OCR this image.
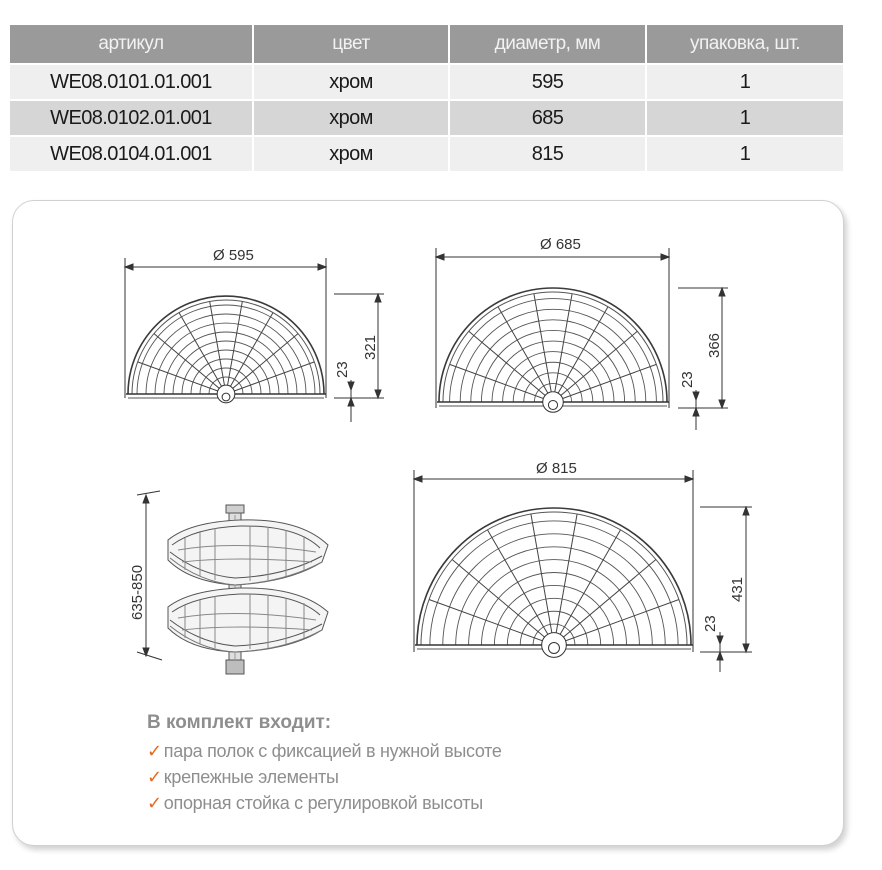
артикул	цвет	диаметр, мм	упаковка, шт.
WE08.0101.01.001	хром	595	1
WE08.0102.01.001	хром	685	1
WE08.0104.01.001	хром	815	1
Ø 595
321
23
Ø 685
366
23
Ø 815
431
23
635-850
В комплект входит:
✓ пара полок с фиксацией в нужной высоте
✓ крепежные элементы
✓ опорная стойка с регулировкой высоты
